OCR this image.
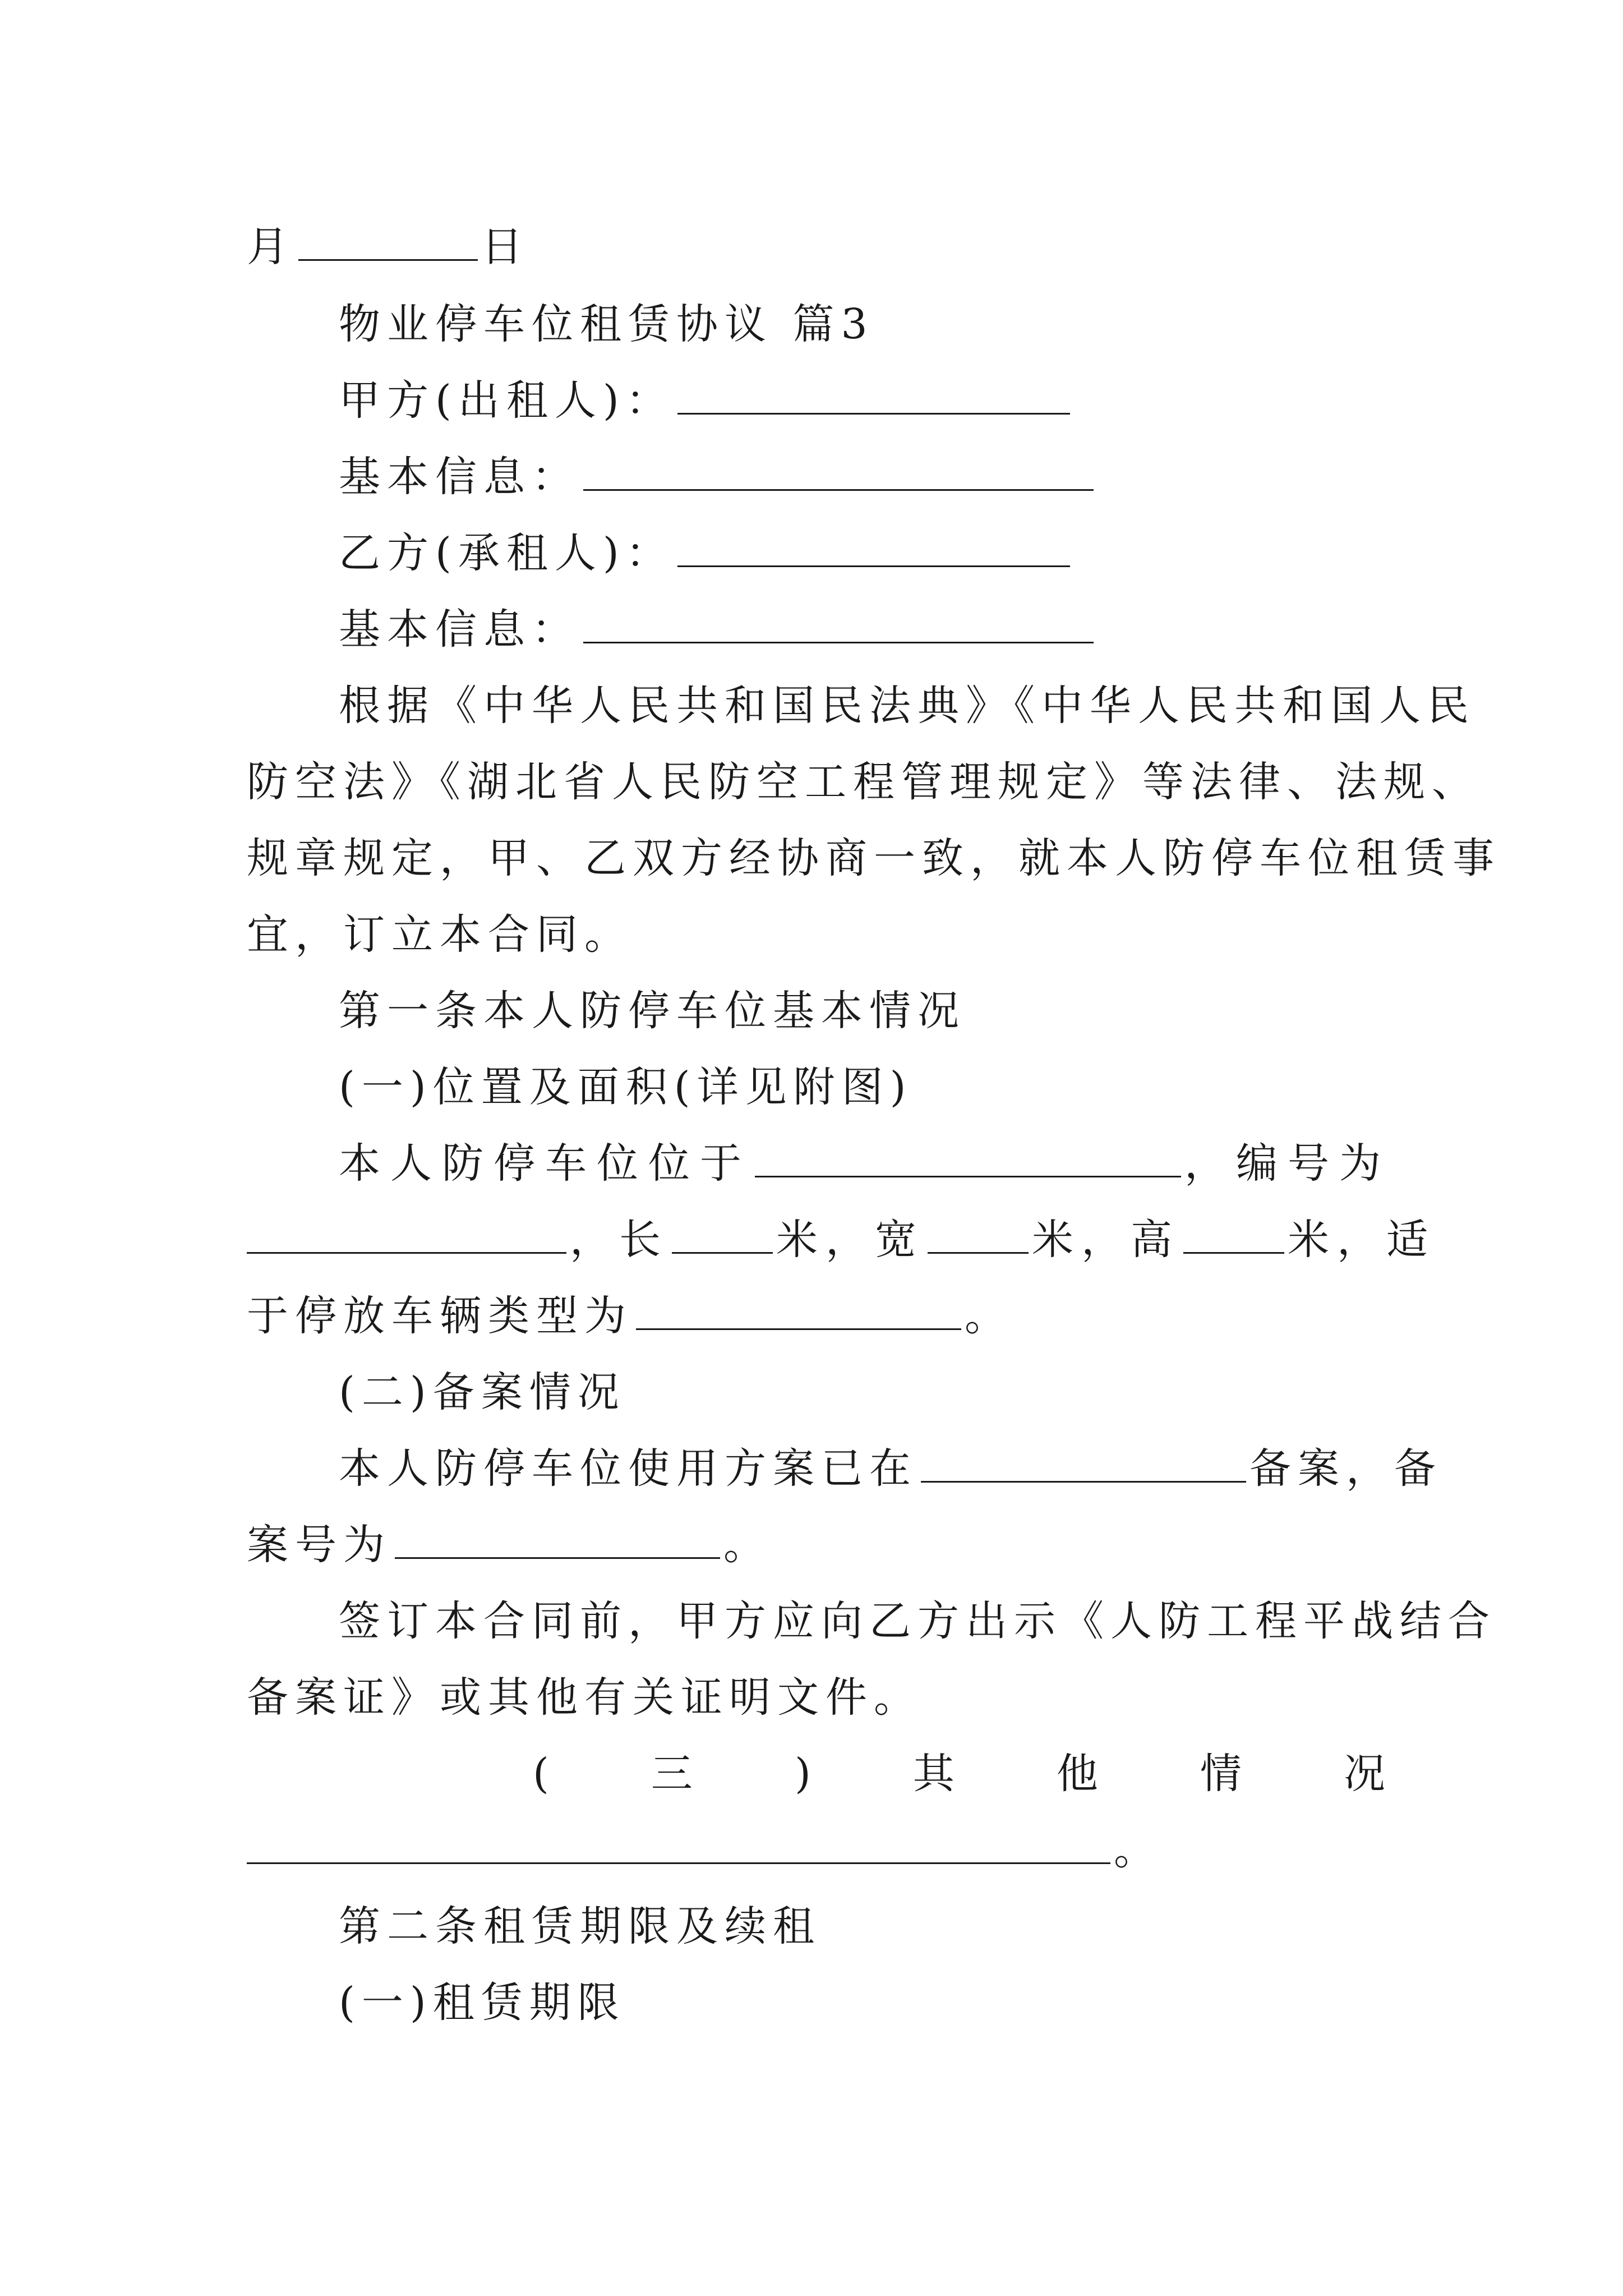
月	日
物业停车位租赁协议 篇3
甲方(出租人)：
基本信息：
乙方(承租人)：
基本信息：
根据《中华人民共和国民法典》《中华人民共和国人民
防空法》《湖北省人民防空工程管理规定》等法律、法规、
规章规定，甲、乙双方经协商一致，就本人防停车位租赁事
宜，订立本合同。
第一条本人防停车位基本情况
(一)位置及面积(详见附图)
本人防停车位位于	，编号为
，长	米，宽	米，高	米，适
于停放车辆类型为	。
(二)备案情况
本人防停车位使用方案已在	备案，备
案号为	。
签订本合同前，甲方应向乙方出示《人防工程平战结合
备案证》或其他有关证明文件。
( 三 ) 其 他 情 况
。
第二条租赁期限及续租
(一)租赁期限
